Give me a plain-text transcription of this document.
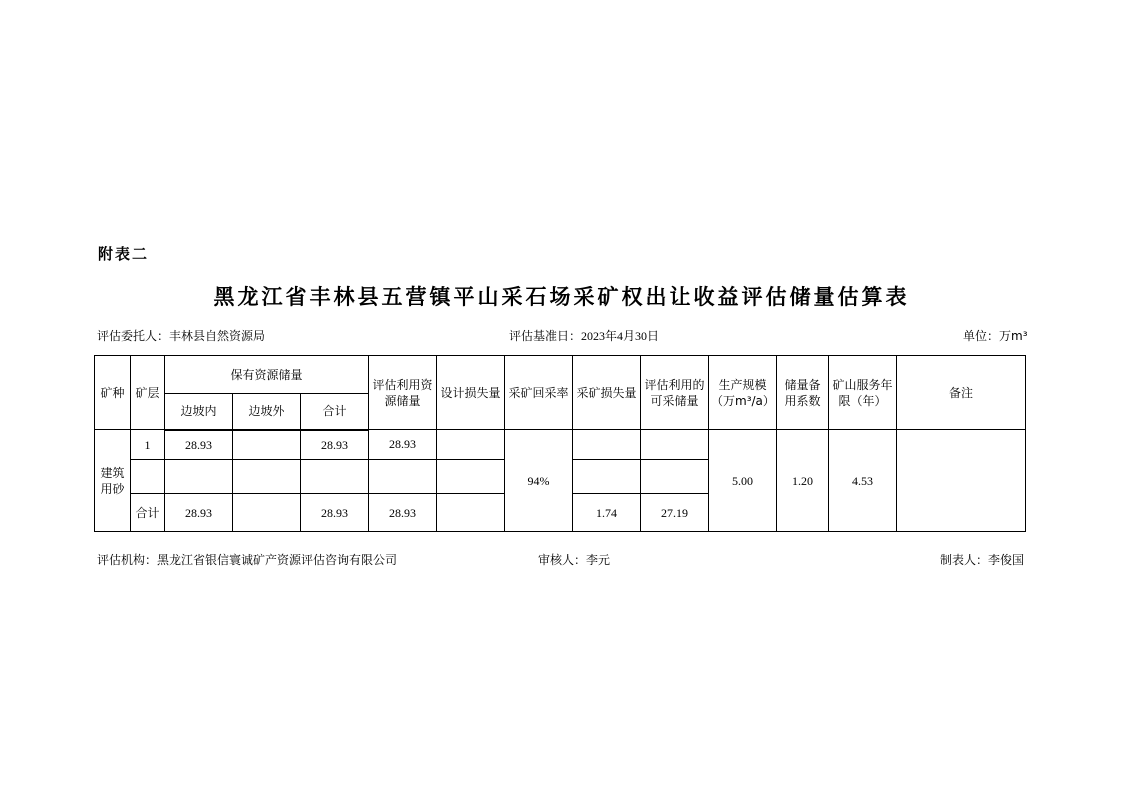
附表二
黑龙江省丰林县五营镇平山采石场采矿权出让收益评估储量估算表
评估委托人：丰林县自然资源局	评估基准日：2023年4月30日	单位：万m³
矿种	矿层	保有资源储量			评估利用资源储量	设计损失量	采矿回采率	采矿损失量	评估利用的可采储量	生产规模（万m³/a）	储量备用系数	矿山服务年限（年）	备注
		边坡内	边坡外	合计									
建筑用砂	1	28.93		28.93	28.93		94%			5.00	1.20	4.53	

	合计	28.93		28.93	28.93			1.74	27.19				
评估机构：黑龙江省银信寰诚矿产资源评估咨询有限公司	审核人：李元	制表人：李俊国
